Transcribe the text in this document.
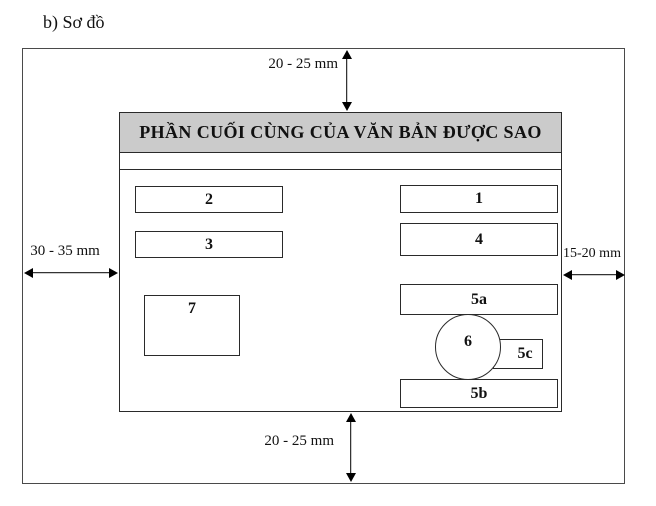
b) Sơ đồ
PHẦN CUỐI CÙNG CỦA VĂN BẢN ĐƯỢC SAO
2	1
3	4
7
5a
5c
6
5b
20 - 25 mm
20 - 25 mm
30 - 35 mm	15-20 mm
